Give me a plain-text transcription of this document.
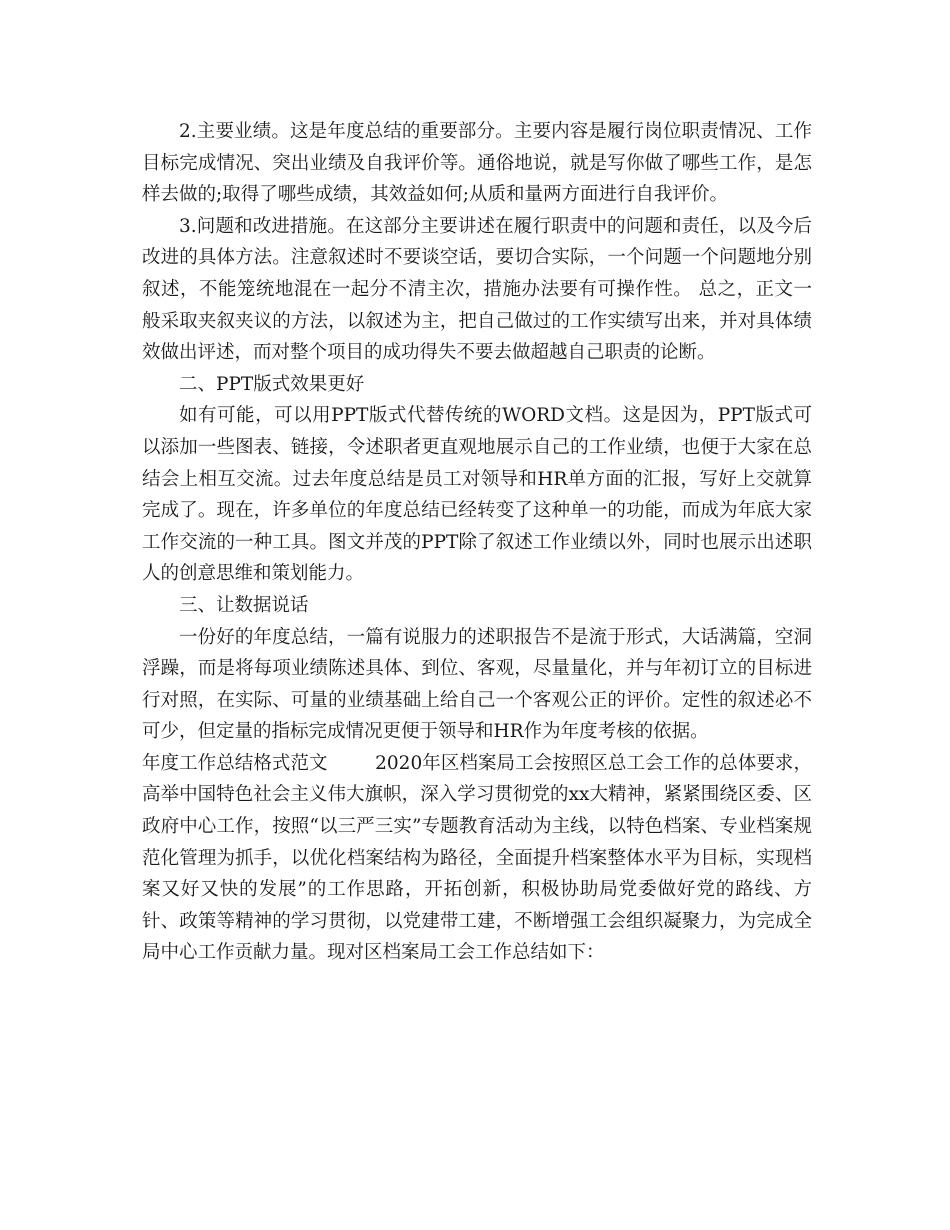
2.主要业绩。这是年度总结的重要部分。主要内容是履行岗位职责情况、工作目标完成情况、突出业绩及自我评价等。通俗地说，就是写你做了哪些工作，是怎样去做的;取得了哪些成绩，其效益如何;从质和量两方面进行自我评价。

3.问题和改进措施。在这部分主要讲述在履行职责中的问题和责任，以及今后改进的具体方法。注意叙述时不要谈空话，要切合实际，一个问题一个问题地分别叙述，不能笼统地混在一起分不清主次，措施办法要有可操作性。 总之，正文一般采取夹叙夹议的方法，以叙述为主，把自己做过的工作实绩写出来，并对具体绩效做出评述，而对整个项目的成功得失不要去做超越自己职责的论断。

二、PPT版式效果更好

如有可能，可以用PPT版式代替传统的WORD文档。这是因为，PPT版式可以添加一些图表、链接，令述职者更直观地展示自己的工作业绩，也便于大家在总结会上相互交流。过去年度总结是员工对领导和HR单方面的汇报，写好上交就算完成了。现在，许多单位的年度总结已经转变了这种单一的功能，而成为年底大家工作交流的一种工具。图文并茂的PPT除了叙述工作业绩以外，同时也展示出述职人的创意思维和策划能力。

三、让数据说话

一份好的年度总结，一篇有说服力的述职报告不是流于形式，大话满篇，空洞浮躁，而是将每项业绩陈述具体、到位、客观，尽量量化，并与年初订立的目标进行对照，在实际、可量的业绩基础上给自己一个客观公正的评价。定性的叙述必不可少，但定量的指标完成情况更便于领导和HR作为年度考核的依据。

年度工作总结格式范文        2020年区档案局工会按照区总工会工作的总体要求，高举中国特色社会主义伟大旗帜，深入学习贯彻党的xx大精神，紧紧围绕区委、区政府中心工作，按照“以三严三实”专题教育活动为主线，以特色档案、专业档案规范化管理为抓手，以优化档案结构为路径，全面提升档案整体水平为目标，实现档案又好又快的发展”的工作思路，开拓创新，积极协助局党委做好党的路线、方针、政策等精神的学习贯彻，以党建带工建，不断增强工会组织凝聚力，为完成全局中心工作贡献力量。现对区档案局工会工作总结如下：
